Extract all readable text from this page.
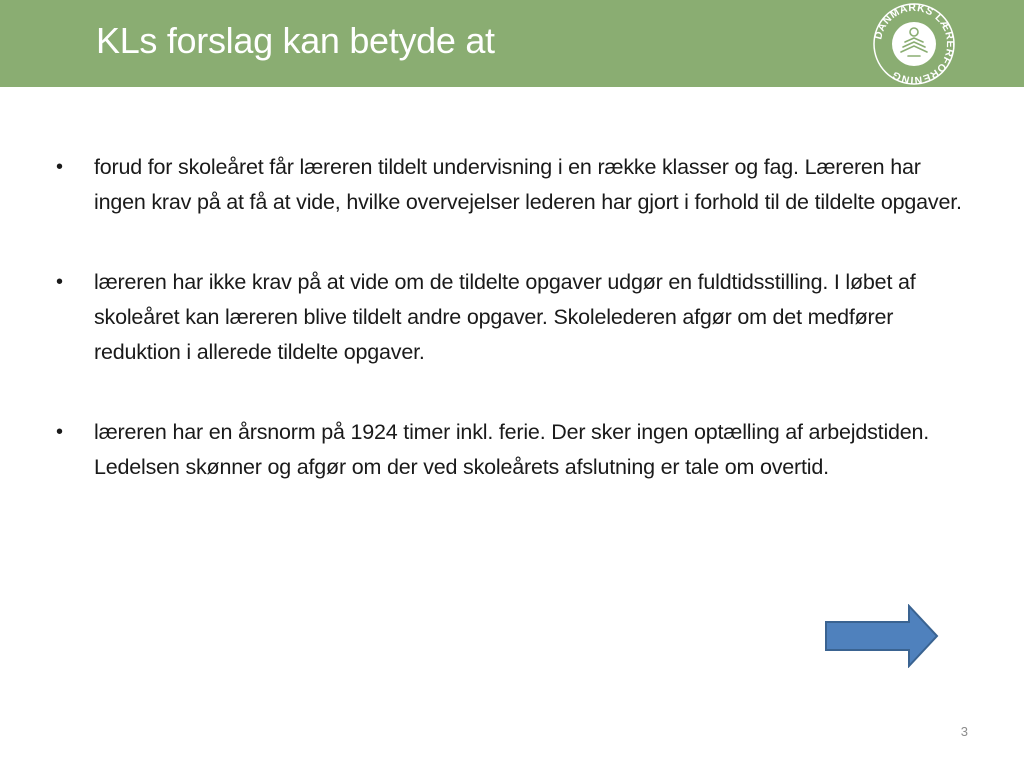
KLs forslag kan betyde at	DANMARKS LÆRERFORENING
•	forud for skoleåret får læreren tildelt undervisning i en række klasser og fag. Læreren har ingen krav på at få at vide, hvilke overvejelser lederen har gjort i forhold til de tildelte opgaver.
•	læreren har ikke krav på at vide om de tildelte opgaver udgør en fuldtidsstilling. I løbet af skoleåret kan læreren blive tildelt andre opgaver. Skolelederen afgør om det medfører reduktion i allerede tildelte opgaver.
•	læreren har en årsnorm på 1924 timer inkl. ferie. Der sker ingen optælling af arbejdstiden. Ledelsen skønner og afgør om der ved skoleårets afslutning er tale om overtid.
3
